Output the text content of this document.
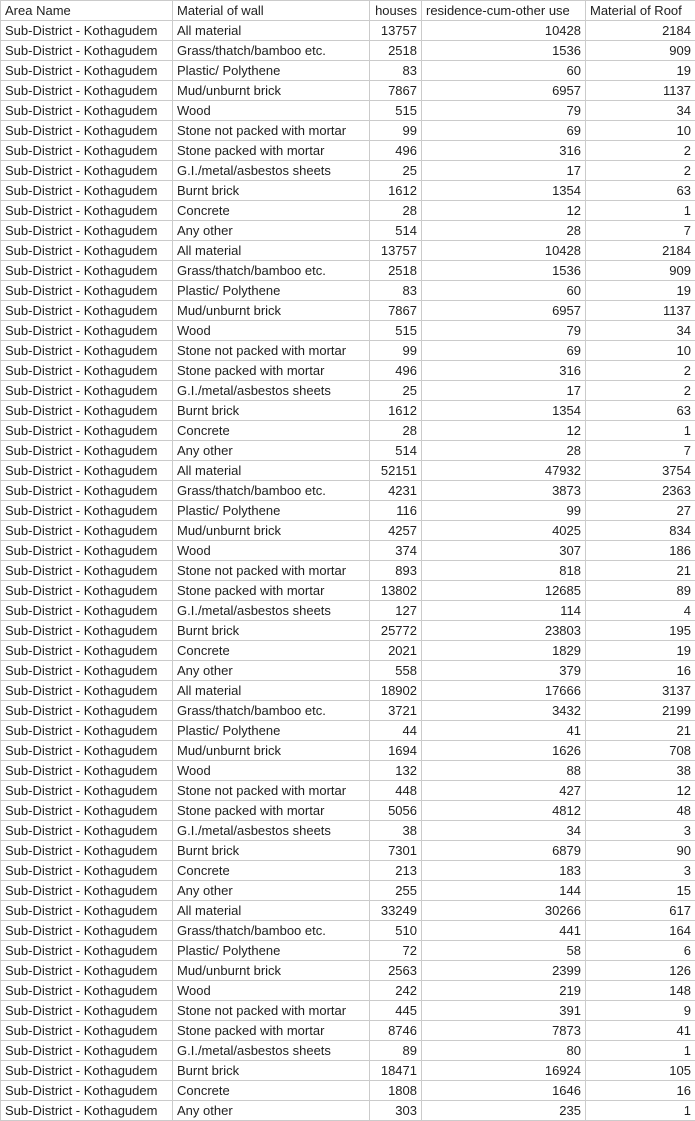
Area Name	Material of wall	houses	residence-cum-other use	Material of Roof
Sub-District - Kothagudem	All material	13757	10428	2184
Sub-District - Kothagudem	Grass/thatch/bamboo etc.	2518	1536	909
Sub-District - Kothagudem	Plastic/ Polythene	83	60	19
Sub-District - Kothagudem	Mud/unburnt brick	7867	6957	1137
Sub-District - Kothagudem	Wood	515	79	34
Sub-District - Kothagudem	Stone not packed with mortar	99	69	10
Sub-District - Kothagudem	Stone packed with mortar	496	316	2
Sub-District - Kothagudem	G.I./metal/asbestos sheets	25	17	2
Sub-District - Kothagudem	Burnt brick	1612	1354	63
Sub-District - Kothagudem	Concrete	28	12	1
Sub-District - Kothagudem	Any other	514	28	7
Sub-District - Kothagudem	All material	13757	10428	2184
Sub-District - Kothagudem	Grass/thatch/bamboo etc.	2518	1536	909
Sub-District - Kothagudem	Plastic/ Polythene	83	60	19
Sub-District - Kothagudem	Mud/unburnt brick	7867	6957	1137
Sub-District - Kothagudem	Wood	515	79	34
Sub-District - Kothagudem	Stone not packed with mortar	99	69	10
Sub-District - Kothagudem	Stone packed with mortar	496	316	2
Sub-District - Kothagudem	G.I./metal/asbestos sheets	25	17	2
Sub-District - Kothagudem	Burnt brick	1612	1354	63
Sub-District - Kothagudem	Concrete	28	12	1
Sub-District - Kothagudem	Any other	514	28	7
Sub-District - Kothagudem	All material	52151	47932	3754
Sub-District - Kothagudem	Grass/thatch/bamboo etc.	4231	3873	2363
Sub-District - Kothagudem	Plastic/ Polythene	116	99	27
Sub-District - Kothagudem	Mud/unburnt brick	4257	4025	834
Sub-District - Kothagudem	Wood	374	307	186
Sub-District - Kothagudem	Stone not packed with mortar	893	818	21
Sub-District - Kothagudem	Stone packed with mortar	13802	12685	89
Sub-District - Kothagudem	G.I./metal/asbestos sheets	127	114	4
Sub-District - Kothagudem	Burnt brick	25772	23803	195
Sub-District - Kothagudem	Concrete	2021	1829	19
Sub-District - Kothagudem	Any other	558	379	16
Sub-District - Kothagudem	All material	18902	17666	3137
Sub-District - Kothagudem	Grass/thatch/bamboo etc.	3721	3432	2199
Sub-District - Kothagudem	Plastic/ Polythene	44	41	21
Sub-District - Kothagudem	Mud/unburnt brick	1694	1626	708
Sub-District - Kothagudem	Wood	132	88	38
Sub-District - Kothagudem	Stone not packed with mortar	448	427	12
Sub-District - Kothagudem	Stone packed with mortar	5056	4812	48
Sub-District - Kothagudem	G.I./metal/asbestos sheets	38	34	3
Sub-District - Kothagudem	Burnt brick	7301	6879	90
Sub-District - Kothagudem	Concrete	213	183	3
Sub-District - Kothagudem	Any other	255	144	15
Sub-District - Kothagudem	All material	33249	30266	617
Sub-District - Kothagudem	Grass/thatch/bamboo etc.	510	441	164
Sub-District - Kothagudem	Plastic/ Polythene	72	58	6
Sub-District - Kothagudem	Mud/unburnt brick	2563	2399	126
Sub-District - Kothagudem	Wood	242	219	148
Sub-District - Kothagudem	Stone not packed with mortar	445	391	9
Sub-District - Kothagudem	Stone packed with mortar	8746	7873	41
Sub-District - Kothagudem	G.I./metal/asbestos sheets	89	80	1
Sub-District - Kothagudem	Burnt brick	18471	16924	105
Sub-District - Kothagudem	Concrete	1808	1646	16
Sub-District - Kothagudem	Any other	303	235	1
